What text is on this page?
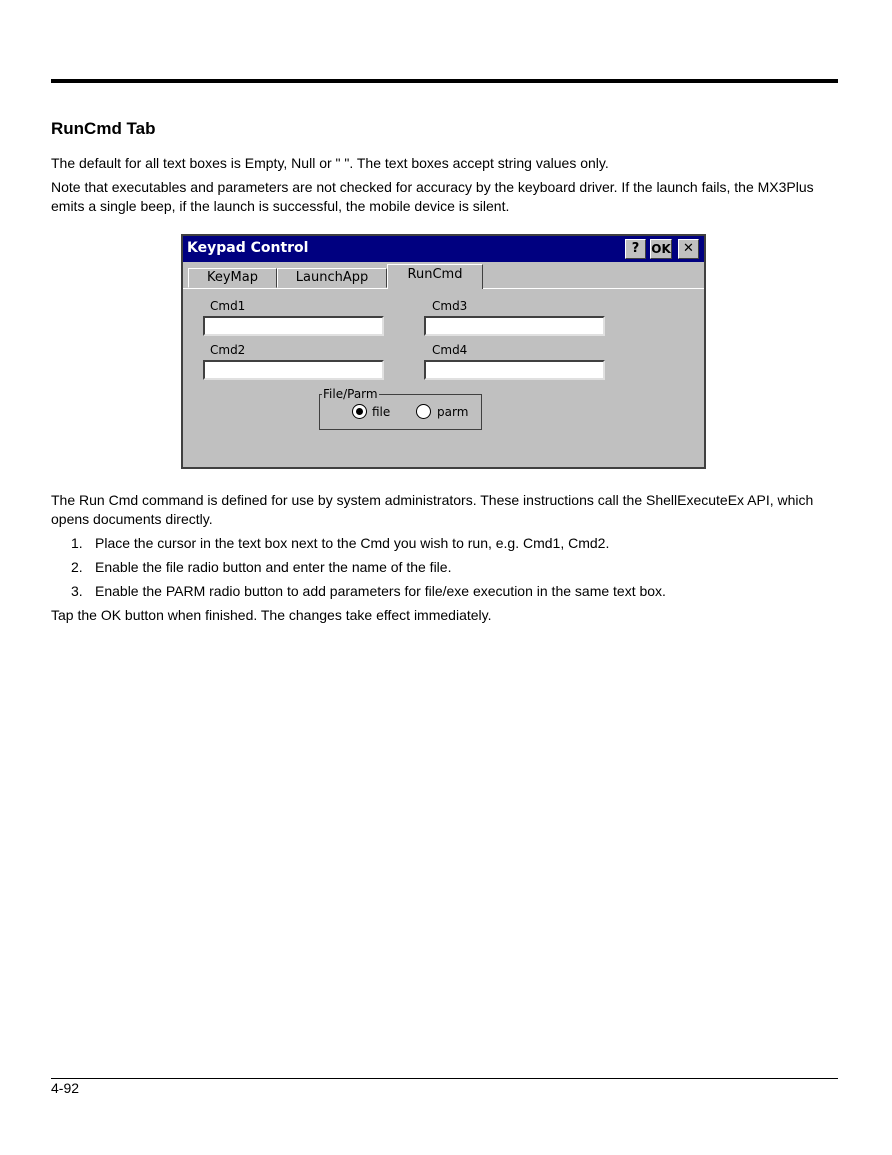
RunCmd Tab

The default for all text boxes is Empty, Null or " ". The text boxes accept string values only.

Note that executables and parameters are not checked for accuracy by the keyboard driver. If the launch fails, the MX3Plus emits a single beep, if the launch is successful, the mobile device is silent.

Keypad Control	? OK ✕
KeyMap	LaunchApp	RunCmd
Cmd1	Cmd3
Cmd2	Cmd4
File/Parm
file	parm

The Run Cmd command is defined for use by system administrators. These instructions call the ShellExecuteEx API, which opens documents directly.

1. Place the cursor in the text box next to the Cmd you wish to run, e.g. Cmd1, Cmd2.
2. Enable the file radio button and enter the name of the file.
3. Enable the PARM radio button to add parameters for file/exe execution in the same text box.

Tap the OK button when finished. The changes take effect immediately.

4-92
